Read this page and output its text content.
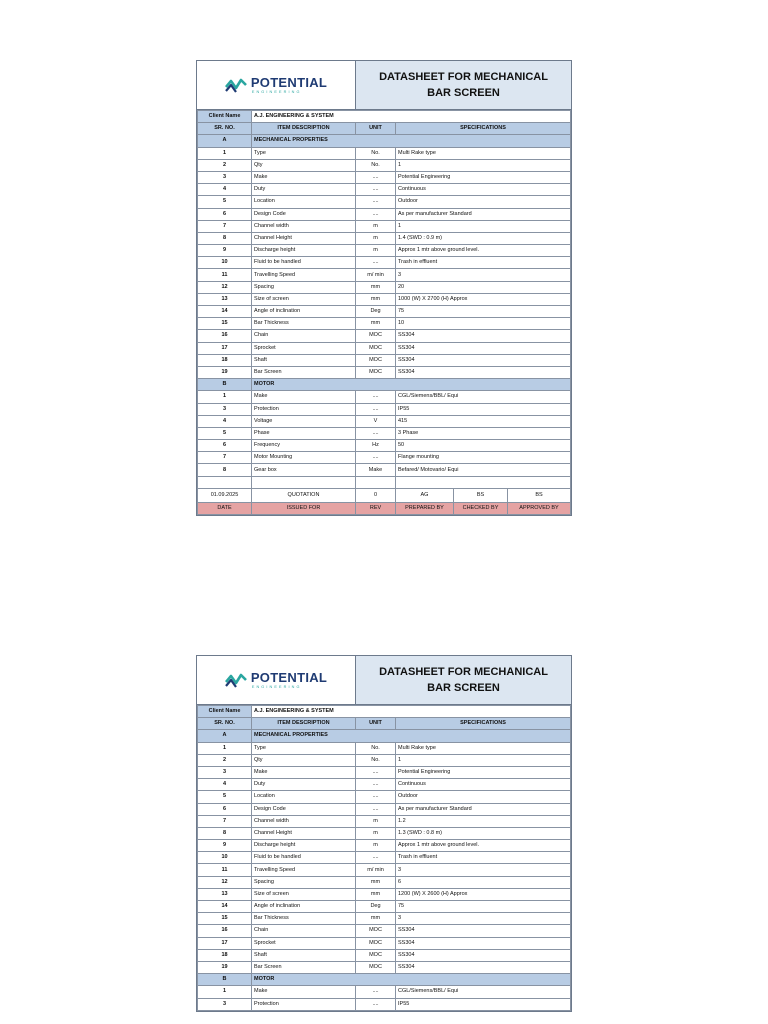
POTENTIAL
ENGINEERING
DATASHEET FOR MECHANICAL BAR SCREEN
Client Name	A.J. ENGINEERING & SYSTEM				
SR. NO.	ITEM DESCRIPTION	UNIT	SPECIFICATIONS		
A	MECHANICAL PROPERTIES				
1	Type	No.	Multi Rake type		
2	Qty	No.	1		
3	Make	....	Potential Engineering		
4	Duty	....	Continuous		
5	Location	....	Outdoor		
6	Design Code	....	As per manufacturer Standard		
7	Channel width	m	1		
8	Channel Height	m	1.4 (SWD : 0.9 m)		
9	Discharge height	m	Approx 1 mtr above ground level.		
10	Fluid to be handled	....	Trash in effluent		
11	Travelling Speed	m/ min	3		
12	Spacing	mm	20		
13	Size of screen	mm	1000 (W) X 2700 (H) Approx		
14	Angle of inclination	Deg	75		
15	Bar Thickness	mm	10		
16	Chain	MOC	SS304		
17	Sprocket	MOC	SS304		
18	Shaft	MOC	SS304		
19	Bar Screen	MOC	SS304		
B	MOTOR				
1	Make	....	CGL/Siemens/BBL/ Equi		
3	Protection	....	IP55		
4	Voltage	V	415		
5	Phase	....	3 Phase		
6	Frequency	Hz	50		
7	Motor Mounting	....	Flange mounting		
8	Gear box	Make	Befared/ Motovario/ Equi		

01.09.2025	QUOTATION	0	AG	BS	BS
DATE	ISSUED FOR	REV	PREPARED BY	CHECKED BY	APPROVED BY
POTENTIAL
ENGINEERING
DATASHEET FOR MECHANICAL BAR SCREEN
Client Name	A.J. ENGINEERING & SYSTEM		
SR. NO.	ITEM DESCRIPTION	UNIT	SPECIFICATIONS
A	MECHANICAL PROPERTIES		
1	Type	No.	Multi Rake type
2	Qty	No.	1
3	Make	....	Potential Engineering
4	Duty	....	Continuous
5	Location	....	Outdoor
6	Design Code	....	As per manufacturer Standard
7	Channel width	m	1.2
8	Channel Height	m	1.3 (SWD : 0.8 m)
9	Discharge height	m	Approx 1 mtr above ground level.
10	Fluid to be handled	....	Trash in effluent
11	Travelling Speed	m/ min	3
12	Spacing	mm	6
13	Size of screen	mm	1200 (W) X 2600 (H) Approx
14	Angle of inclination	Deg	75
15	Bar Thickness	mm	3
16	Chain	MOC	SS304
17	Sprocket	MOC	SS304
18	Shaft	MOC	SS304
19	Bar Screen	MOC	SS304
B	MOTOR		
1	Make	....	CGL/Siemens/BBL/ Equi
3	Protection	....	IP55
